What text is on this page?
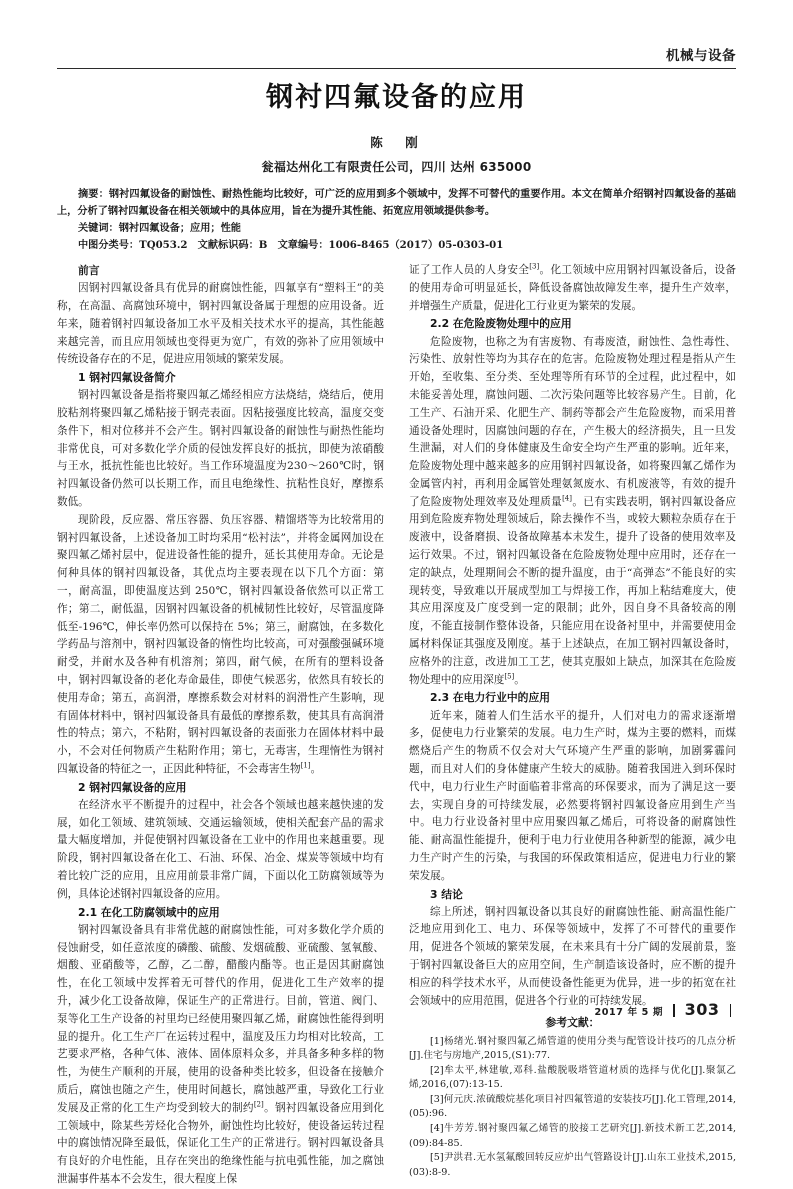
机械与设备
钢衬四氟设备的应用
陈　刚
瓮福达州化工有限责任公司，四川 达州 635000

摘要：钢衬四氟设备的耐蚀性、耐热性能均比较好，可广泛的应用到多个领域中，发挥不可替代的重要作用。本文在简单介绍钢衬四氟设备的基础上，分析了钢衬四氟设备在相关领域中的具体应用，旨在为提升其性能、拓宽应用领域提供参考。

关键词：钢衬四氟设备；应用；性能

中图分类号：TQ053.2　文献标识码：B　文章编号：1006-8465（2017）05-0303-01

前言

因钢衬四氟设备具有优异的耐腐蚀性能，四氟享有“塑料王”的美称，在高温、高腐蚀环境中，钢衬四氟设备属于理想的应用设备。近年来，随着钢衬四氟设备加工水平及相关技术水平的提高，其性能越来越完善，而且应用领域也变得更为宽广，有效的弥补了应用领域中传统设备存在的不足，促进应用领域的繁荣发展。

1 钢衬四氟设备简介

钢衬四氟设备是指将聚四氟乙烯经相应方法烧结，烧结后，使用胶粘剂将聚四氟乙烯粘接于钢壳表面。因粘接强度比较高，温度交变条件下，相对位移并不会产生。钢衬四氟设备的耐蚀性与耐热性能均非常优良，可对多数化学介质的侵蚀发挥良好的抵抗，即使为浓硝酸与王水，抵抗性能也比较好。当工作环境温度为230～260℃时，钢衬四氟设备仍然可以长期工作，而且电绝缘性、抗粘性良好，摩擦系数低。

现阶段，反应器、常压容器、负压容器、精馏塔等为比较常用的钢衬四氟设备，上述设备加工时均采用“松衬法”，并将金属网加设在聚四氟乙烯衬层中，促进设备性能的提升，延长其使用寿命。无论是何种具体的钢衬四氟设备，其优点均主要表现在以下几个方面：第一，耐高温，即使温度达到 250℃，钢衬四氟设备依然可以正常工作；第二，耐低温，因钢衬四氟设备的机械韧性比较好，尽管温度降低至-196℃，伸长率仍然可以保持在 5%；第三，耐腐蚀，在多数化学药品与溶剂中，钢衬四氟设备的惰性均比较高，可对强酸强碱环境耐受，并耐水及各种有机溶剂；第四，耐气候，在所有的塑料设备中，钢衬四氟设备的老化寿命最佳，即使气候恶劣，依然具有较长的使用寿命；第五，高润滑，摩擦系数会对材料的润滑性产生影响，现有固体材料中，钢衬四氟设备具有最低的摩擦系数，使其具有高润滑性的特点；第六，不粘附，钢衬四氟设备的表面张力在固体材料中最小，不会对任何物质产生粘附作用；第七，无毒害，生理惰性为钢衬四氟设备的特征之一，正因此种特征，不会毒害生物[1]。

2 钢衬四氟设备的应用

在经济水平不断提升的过程中，社会各个领域也越来越快速的发展，如化工领域、建筑领域、交通运输领域，使相关配套产品的需求量大幅度增加，并促使钢衬四氟设备在工业中的作用也来越重要。现阶段，钢衬四氟设备在化工、石油、环保、冶金、煤炭等领域中均有着比较广泛的应用，且应用前景非常广阔，下面以化工防腐领域等为例，具体论述钢衬四氟设备的应用。

2.1 在化工防腐领域中的应用

钢衬四氟设备具有非常优越的耐腐蚀性能，可对多数化学介质的侵蚀耐受，如任意浓度的磷酸、硫酸、发烟硫酸、亚硫酸、氢氧酸、烟酸、亚硝酸等，乙醇，乙二醇，醋酸内酯等。也正是因其耐腐蚀性，在化工领域中发挥着无可替代的作用，促进化工生产效率的提升，减少化工设备故障，保证生产的正常进行。目前，管道、阀门、泵等化工生产设备的衬里均已经使用聚四氟乙烯，耐腐蚀性能得到明显的提升。化工生产厂在运转过程中，温度及压力均相对比较高，工艺要求严格，各种气体、液体、固体原料众多，并具备多种多样的物性，为使生产顺利的开展，使用的设备种类比较多，但设备在接触介质后，腐蚀也随之产生，使用时间越长，腐蚀越严重，导致化工行业发展及正常的化工生产均受到较大的制约[2]。钢衬四氟设备应用到化工领域中，除某些芳烃化合物外，耐蚀性均比较好，使设备运转过程中的腐蚀情况降至最低，保证化工生产的正常进行。钢衬四氟设备具有良好的介电性能，且存在突出的绝缘性能与抗电弧性能，加之腐蚀泄漏事件基本不会发生，很大程度上保

证了工作人员的人身安全[3]。化工领域中应用钢衬四氟设备后，设备的使用寿命可明显延长，降低设备腐蚀故障发生率，提升生产效率，并增强生产质量，促进化工行业更为繁荣的发展。

2.2 在危险废物处理中的应用

危险废物，也称之为有害废物、有毒废渣，耐蚀性、急性毒性、污染性、放射性等均为其存在的危害。危险废物处理过程是指从产生开始，至收集、至分类、至处理等所有环节的全过程，此过程中，如未能妥善处理，腐蚀问题、二次污染问题等比较容易产生。目前，化工生产、石油开采、化肥生产、制药等都会产生危险废物，而采用普通设备处理时，因腐蚀问题的存在，产生极大的经济损失，且一旦发生泄漏，对人们的身体健康及生命安全均产生严重的影响。近年来，危险废物处理中越来越多的应用钢衬四氟设备，如将聚四氟乙烯作为金属管内衬，再利用金属管处理氨氮废水、有机废液等，有效的提升了危险废物处理效率及处理质量[4]。已有实践表明，钢衬四氟设备应用到危险废弃物处理领域后，除去操作不当，或较大颗粒杂质存在于废液中，设备磨损、设备故障基本未发生，提升了设备的使用效率及运行效果。不过，钢衬四氟设备在危险废物处理中应用时，还存在一定的缺点，处理期间会不断的提升温度，由于“高弹态”不能良好的实现转变，导致难以开展成型加工与焊接工作，再加上粘结难度大，使其应用深度及广度受到一定的限制；此外，因自身不具备较高的刚度，不能直接制作整体设备，只能应用在设备衬里中，并需要使用金属材料保证其强度及刚度。基于上述缺点，在加工钢衬四氟设备时，应格外的注意，改进加工工艺，使其克服如上缺点，加深其在危险废物处理中的应用深度[5]。

2.3 在电力行业中的应用

近年来，随着人们生活水平的提升，人们对电力的需求逐渐增多，促使电力行业繁荣的发展。电力生产时，煤为主要的燃料，而煤燃烧后产生的物质不仅会对大气环境产生严重的影响，加剧雾霾问题，而且对人们的身体健康产生较大的威胁。随着我国进入到环保时代中，电力行业生产时面临着非常高的环保要求，而为了满足这一要去，实现自身的可持续发展，必然要将钢衬四氟设备应用到生产当中。电力行业设备衬里中应用聚四氟乙烯后，可将设备的耐腐蚀性能、耐高温性能提升，便利于电力行业使用各种新型的能源，减少电力生产时产生的污染，与我国的环保政策相适应，促进电力行业的繁荣发展。

3 结论

综上所述，钢衬四氟设备以其良好的耐腐蚀性能、耐高温性能广泛地应用到化工、电力、环保等领域中，发挥了不可替代的重要作用，促进各个领域的繁荣发展，在未来具有十分广阔的发展前景，鉴于钢衬四氟设备巨大的应用空间，生产制造该设备时，应不断的提升相应的科学技术水平，从而使设备性能更为优异，进一步的拓宽在社会领域中的应用范围，促进各个行业的可持续发展。

参考文献：

[1]杨绪光.钢衬聚四氟乙烯管道的使用分类与配管设计技巧的几点分析[J].住宅与房地产,2015,(S1):77.

[2]牟太平,林建敏,邓科.盐酸脱吸塔管道材质的选择与优化[J].聚氯乙烯,2016,(07):13-15.

[3]何元庆.浓硫酸烷基化项目衬四氟管道的安装技巧[J].化工管理,2014,(05):96.

[4]牛芳芳.钢衬聚四氟乙烯管的胶接工艺研究[J].新技术新工艺,2014,(09):84-85.

[5]尹洪君.无水氢氟酸回转反应炉出气管路设计[J].山东工业技术,2015,(03):8-9.

2017 年 5 期 303
